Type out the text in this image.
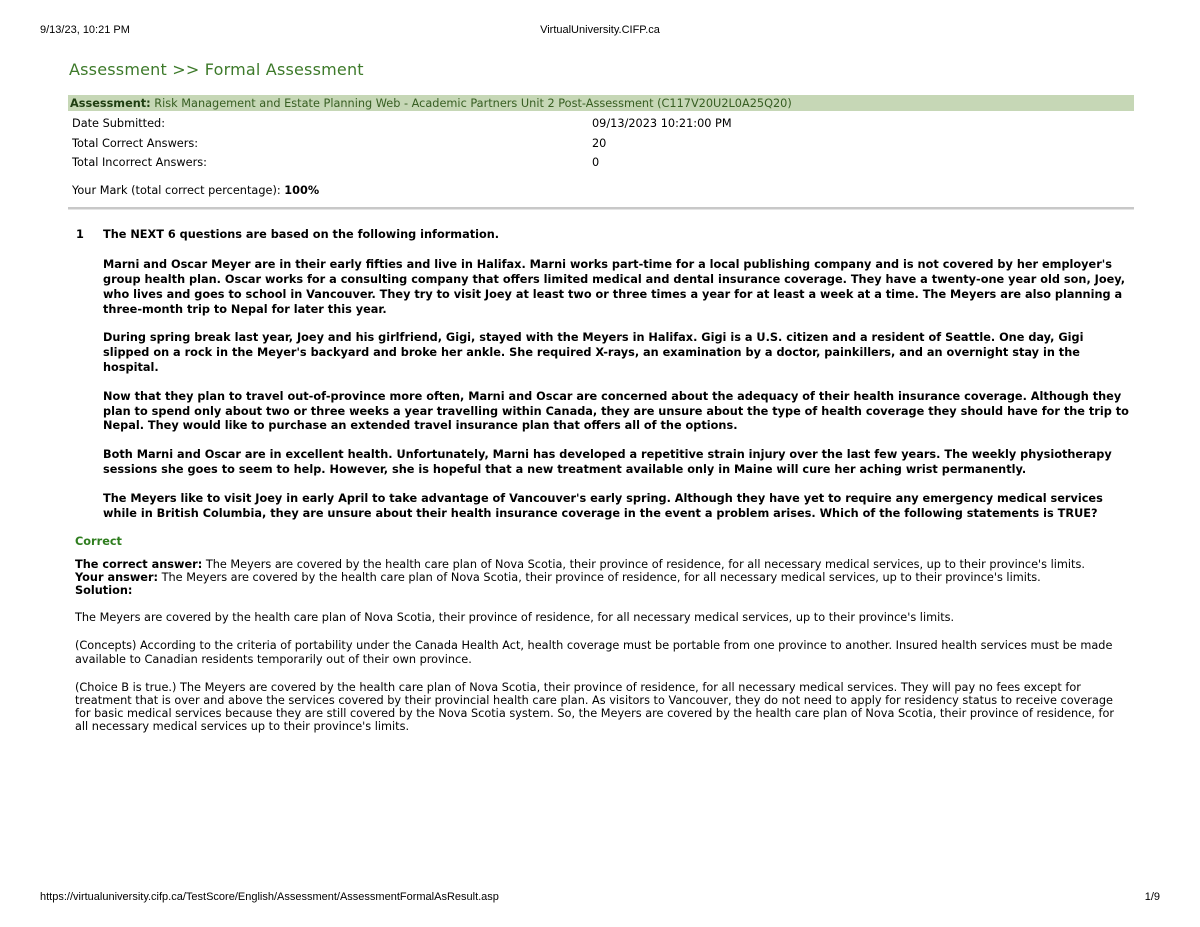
9/13/23, 10:21 PM	VirtualUniversity.CIFP.ca
Assessment >> Formal Assessment
Assessment: Risk Management and Estate Planning Web - Academic Partners Unit 2 Post-Assessment (C117V20U2L0A25Q20)
Date Submitted:	09/13/2023 10:21:00 PM
Total Correct Answers:	20
Total Incorrect Answers:	0
Your Mark (total correct percentage): 100%
1 The NEXT 6 questions are based on the following information.

Marni and Oscar Meyer are in their early fifties and live in Halifax. Marni works part-time for a local publishing company and is not covered by her employer's group health plan. Oscar works for a consulting company that offers limited medical and dental insurance coverage. They have a twenty-one year old son, Joey, who lives and goes to school in Vancouver. They try to visit Joey at least two or three times a year for at least a week at a time. The Meyers are also planning a three-month trip to Nepal for later this year.

During spring break last year, Joey and his girlfriend, Gigi, stayed with the Meyers in Halifax. Gigi is a U.S. citizen and a resident of Seattle. One day, Gigi slipped on a rock in the Meyer's backyard and broke her ankle. She required X-rays, an examination by a doctor, painkillers, and an overnight stay in the hospital.

Now that they plan to travel out-of-province more often, Marni and Oscar are concerned about the adequacy of their health insurance coverage. Although they plan to spend only about two or three weeks a year travelling within Canada, they are unsure about the type of health coverage they should have for the trip to Nepal. They would like to purchase an extended travel insurance plan that offers all of the options.

Both Marni and Oscar are in excellent health. Unfortunately, Marni has developed a repetitive strain injury over the last few years. The weekly physiotherapy sessions she goes to seem to help. However, she is hopeful that a new treatment available only in Maine will cure her aching wrist permanently.

The Meyers like to visit Joey in early April to take advantage of Vancouver's early spring. Although they have yet to require any emergency medical services while in British Columbia, they are unsure about their health insurance coverage in the event a problem arises. Which of the following statements is TRUE?

Correct

The correct answer: The Meyers are covered by the health care plan of Nova Scotia, their province of residence, for all necessary medical services, up to their province's limits.

Your answer: The Meyers are covered by the health care plan of Nova Scotia, their province of residence, for all necessary medical services, up to their province's limits.

Solution:

The Meyers are covered by the health care plan of Nova Scotia, their province of residence, for all necessary medical services, up to their province's limits.

(Concepts) According to the criteria of portability under the Canada Health Act, health coverage must be portable from one province to another. Insured health services must be made available to Canadian residents temporarily out of their own province.

(Choice B is true.) The Meyers are covered by the health care plan of Nova Scotia, their province of residence, for all necessary medical services. They will pay no fees except for treatment that is over and above the services covered by their provincial health care plan. As visitors to Vancouver, they do not need to apply for residency status to receive coverage for basic medical services because they are still covered by the Nova Scotia system. So, the Meyers are covered by the health care plan of Nova Scotia, their province of residence, for all necessary medical services up to their province's limits.

https://virtualuniversity.cifp.ca/TestScore/English/Assessment/AssessmentFormalAsResult.asp	1/9
